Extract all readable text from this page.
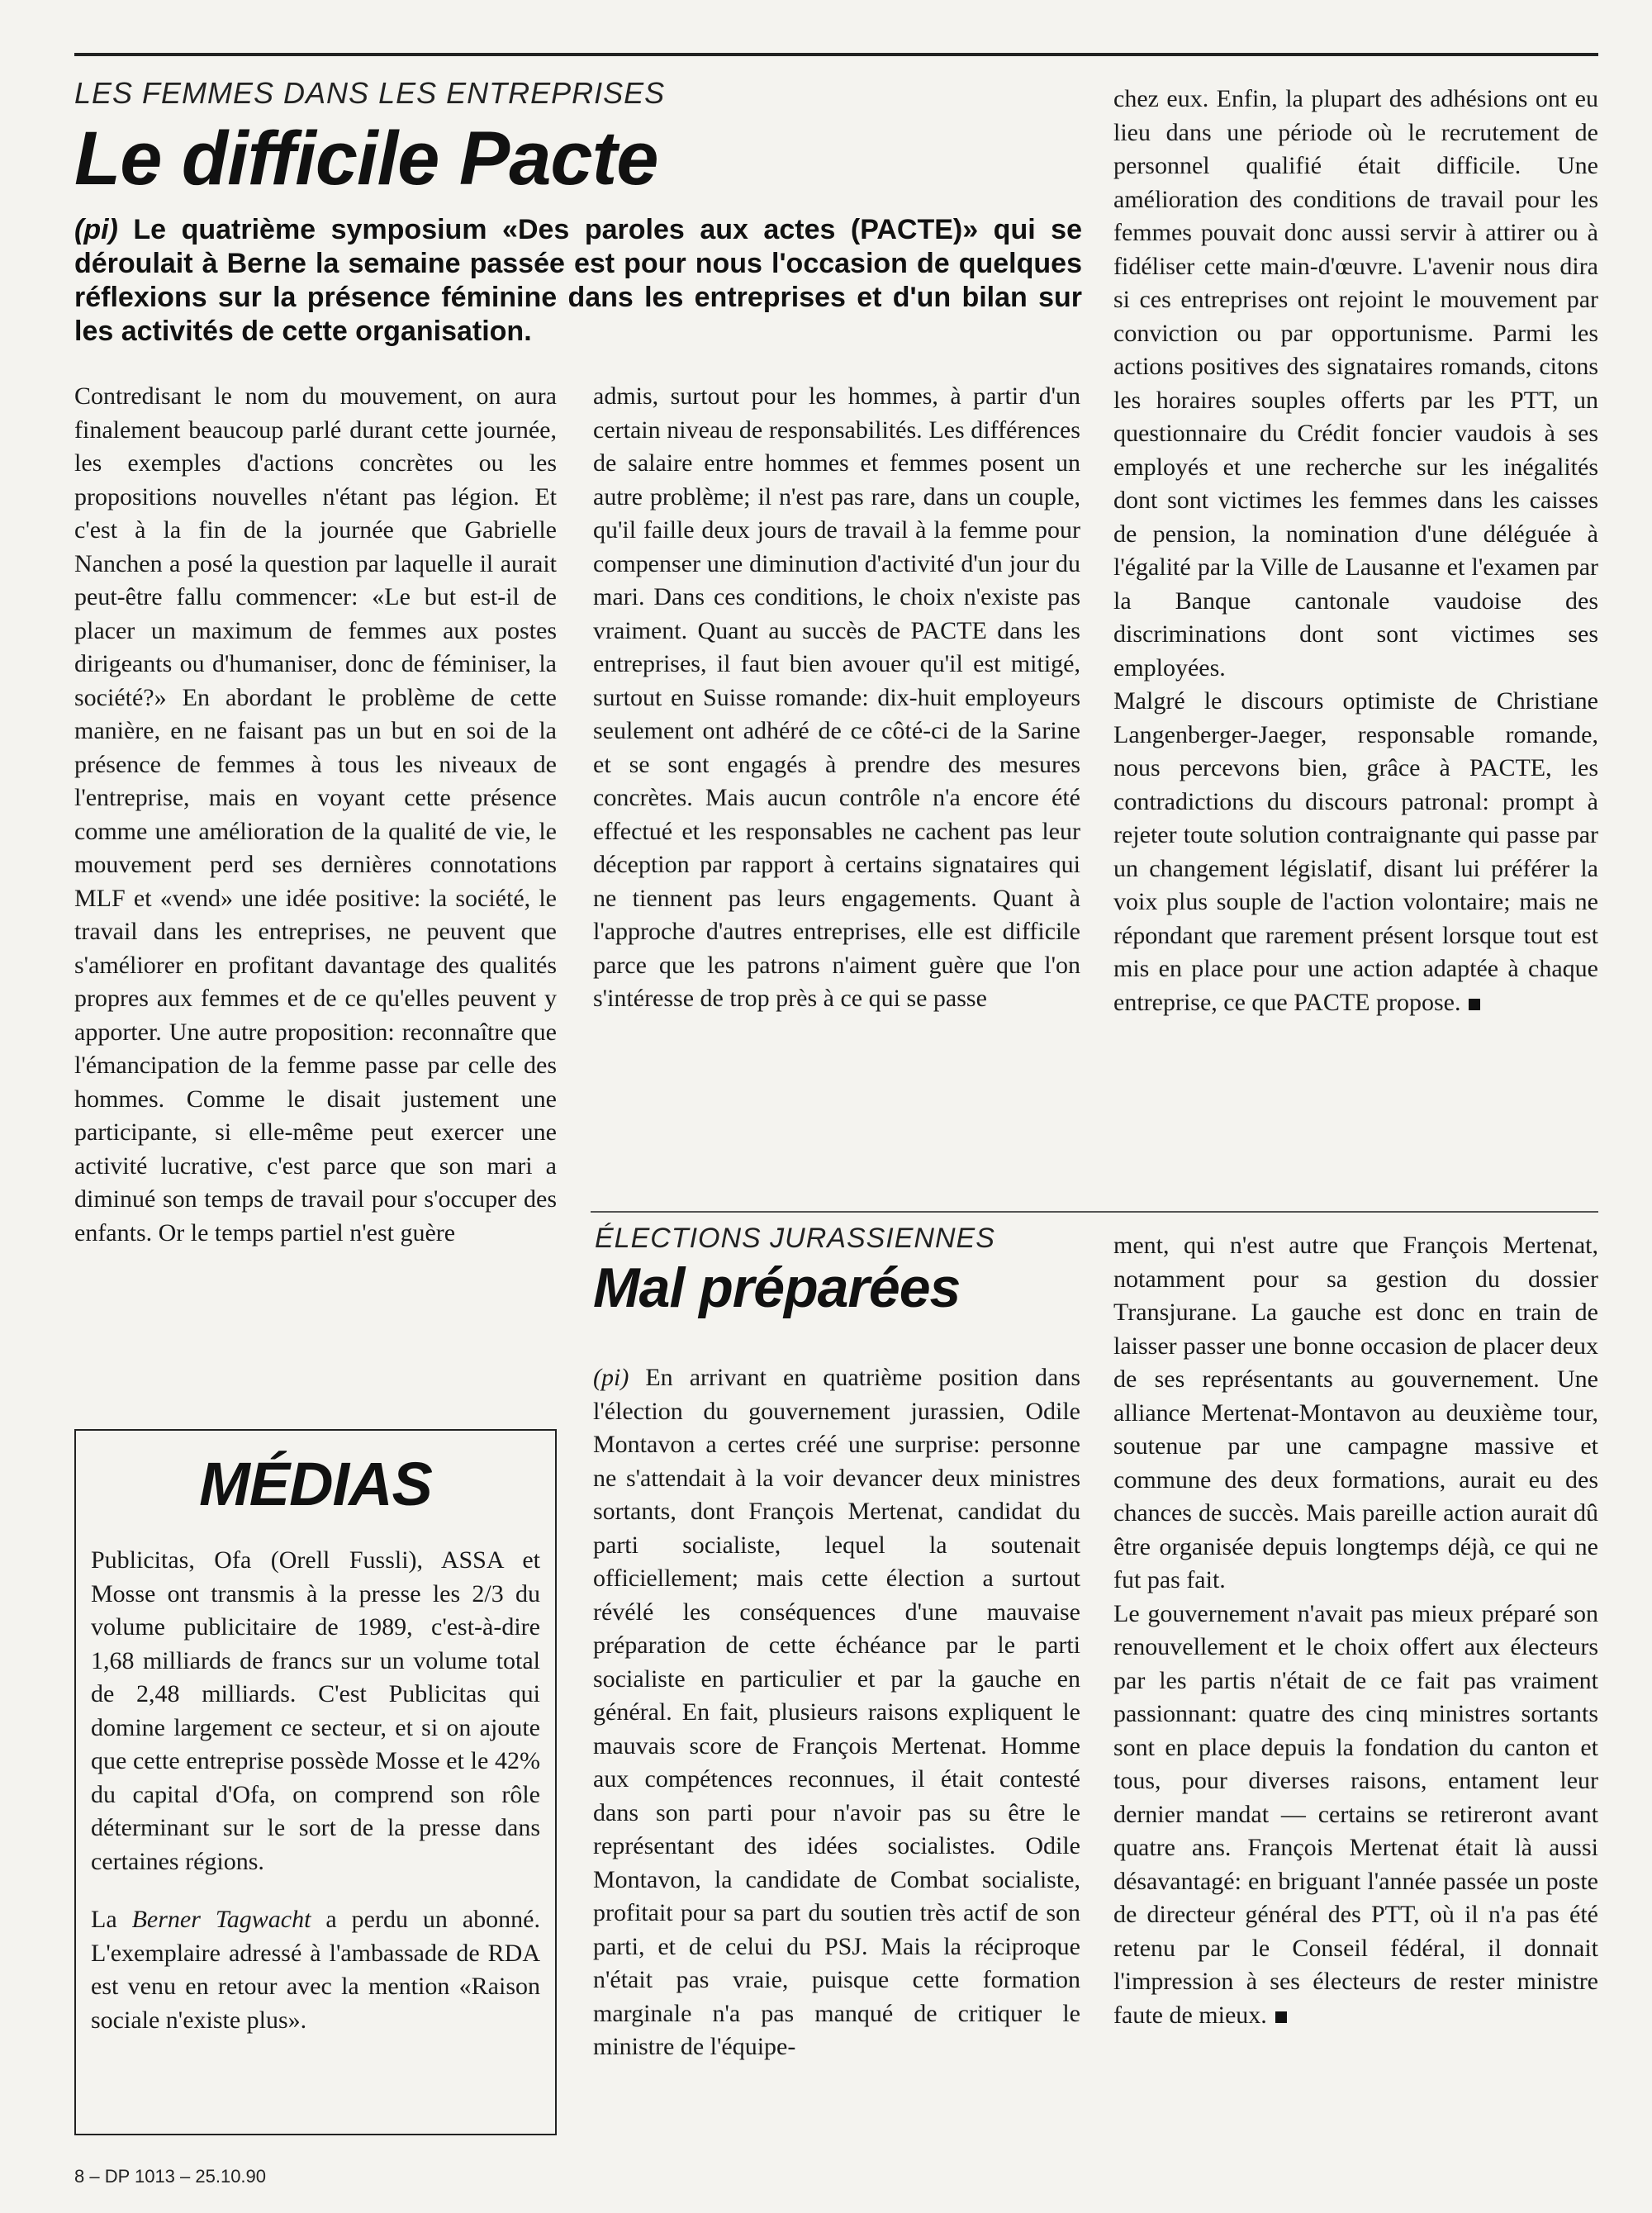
LES FEMMES DANS LES ENTREPRISES
Le difficile Pacte

(pi) Le quatrième symposium «Des paroles aux actes (PACTE)» qui se déroulait à Berne la semaine passée est pour nous l'occasion de quelques réflexions sur la présence féminine dans les entreprises et d'un bilan sur les activités de cette organisation.

Contredisant le nom du mouvement, on aura finalement beaucoup parlé durant cette journée, les exemples d'actions concrètes ou les propositions nouvelles n'étant pas légion. Et c'est à la fin de la journée que Gabrielle Nanchen a posé la question par laquelle il aurait peut-être fallu commencer: «Le but est-il de placer un maximum de femmes aux postes dirigeants ou d'humaniser, donc de féminiser, la société?» En abordant le problème de cette manière, en ne faisant pas un but en soi de la présence de femmes à tous les niveaux de l'entreprise, mais en voyant cette présence comme une amélioration de la qualité de vie, le mouvement perd ses dernières connotations MLF et «vend» une idée positive: la société, le travail dans les entreprises, ne peuvent que s'améliorer en profitant davantage des qualités propres aux femmes et de ce qu'elles peuvent y apporter. Une autre proposition: reconnaître que l'émancipation de la femme passe par celle des hommes. Comme le disait justement une participante, si elle-même peut exercer une activité lucrative, c'est parce que son mari a diminué son temps de travail pour s'occuper des enfants. Or le temps partiel n'est guère

admis, surtout pour les hommes, à partir d'un certain niveau de responsabilités. Les différences de salaire entre hommes et femmes posent un autre problème; il n'est pas rare, dans un couple, qu'il faille deux jours de travail à la femme pour compenser une diminution d'activité d'un jour du mari. Dans ces conditions, le choix n'existe pas vraiment. Quant au succès de PACTE dans les entreprises, il faut bien avouer qu'il est mitigé, surtout en Suisse romande: dix-huit employeurs seulement ont adhéré de ce côté-ci de la Sarine et se sont engagés à prendre des mesures concrètes. Mais aucun contrôle n'a encore été effectué et les responsables ne cachent pas leur déception par rapport à certains signataires qui ne tiennent pas leurs engagements. Quant à l'approche d'autres entreprises, elle est difficile parce que les patrons n'aiment guère que l'on s'intéresse de trop près à ce qui se passe

chez eux. Enfin, la plupart des adhésions ont eu lieu dans une période où le recrutement de personnel qualifié était difficile. Une amélioration des conditions de travail pour les femmes pouvait donc aussi servir à attirer ou à fidéliser cette main-d'œuvre. L'avenir nous dira si ces entreprises ont rejoint le mouvement par conviction ou par opportunisme. Parmi les actions positives des signataires romands, citons les horaires souples offerts par les PTT, un questionnaire du Crédit foncier vaudois à ses employés et une recherche sur les inégalités dont sont victimes les femmes dans les caisses de pension, la nomination d'une déléguée à l'égalité par la Ville de Lausanne et l'examen par la Banque cantonale vaudoise des discriminations dont sont victimes ses employées.

Malgré le discours optimiste de Christiane Langenberger-Jaeger, responsable romande, nous percevons bien, grâce à PACTE, les contradictions du discours patronal: prompt à rejeter toute solution contraignante qui passe par un changement législatif, disant lui préférer la voix plus souple de l'action volontaire; mais ne répondant que rarement présent lorsque tout est mis en place pour une action adaptée à chaque entreprise, ce que PACTE propose.

MÉDIAS

Publicitas, Ofa (Orell Fussli), ASSA et Mosse ont transmis à la presse les 2/3 du volume publicitaire de 1989, c'est-à-dire 1,68 milliards de francs sur un volume total de 2,48 milliards. C'est Publicitas qui domine largement ce secteur, et si on ajoute que cette entreprise possède Mosse et le 42% du capital d'Ofa, on comprend son rôle déterminant sur le sort de la presse dans certaines régions.

La Berner Tagwacht a perdu un abonné. L'exemplaire adressé à l'ambassade de RDA est venu en retour avec la mention «Raison sociale n'existe plus».

ÉLECTIONS JURASSIENNES
Mal préparées

(pi) En arrivant en quatrième position dans l'élection du gouvernement jurassien, Odile Montavon a certes créé une surprise: personne ne s'attendait à la voir devancer deux ministres sortants, dont François Mertenat, candidat du parti socialiste, lequel la soutenait officiellement; mais cette élection a surtout révélé les conséquences d'une mauvaise préparation de cette échéance par le parti socialiste en particulier et par la gauche en général. En fait, plusieurs raisons expliquent le mauvais score de François Mertenat. Homme aux compétences reconnues, il était contesté dans son parti pour n'avoir pas su être le représentant des idées socialistes. Odile Montavon, la candidate de Combat socialiste, profitait pour sa part du soutien très actif de son parti, et de celui du PSJ. Mais la réciproque n'était pas vraie, puisque cette formation marginale n'a pas manqué de critiquer le ministre de l'équipe-

ment, qui n'est autre que François Mertenat, notamment pour sa gestion du dossier Transjurane. La gauche est donc en train de laisser passer une bonne occasion de placer deux de ses représentants au gouvernement. Une alliance Mertenat-Montavon au deuxième tour, soutenue par une campagne massive et commune des deux formations, aurait eu des chances de succès. Mais pareille action aurait dû être organisée depuis longtemps déjà, ce qui ne fut pas fait.

Le gouvernement n'avait pas mieux préparé son renouvellement et le choix offert aux électeurs par les partis n'était de ce fait pas vraiment passionnant: quatre des cinq ministres sortants sont en place depuis la fondation du canton et tous, pour diverses raisons, entament leur dernier mandat — certains se retireront avant quatre ans. François Mertenat était là aussi désavantagé: en briguant l'année passée un poste de directeur général des PTT, où il n'a pas été retenu par le Conseil fédéral, il donnait l'impression à ses électeurs de rester ministre faute de mieux.

8 – DP 1013 – 25.10.90
